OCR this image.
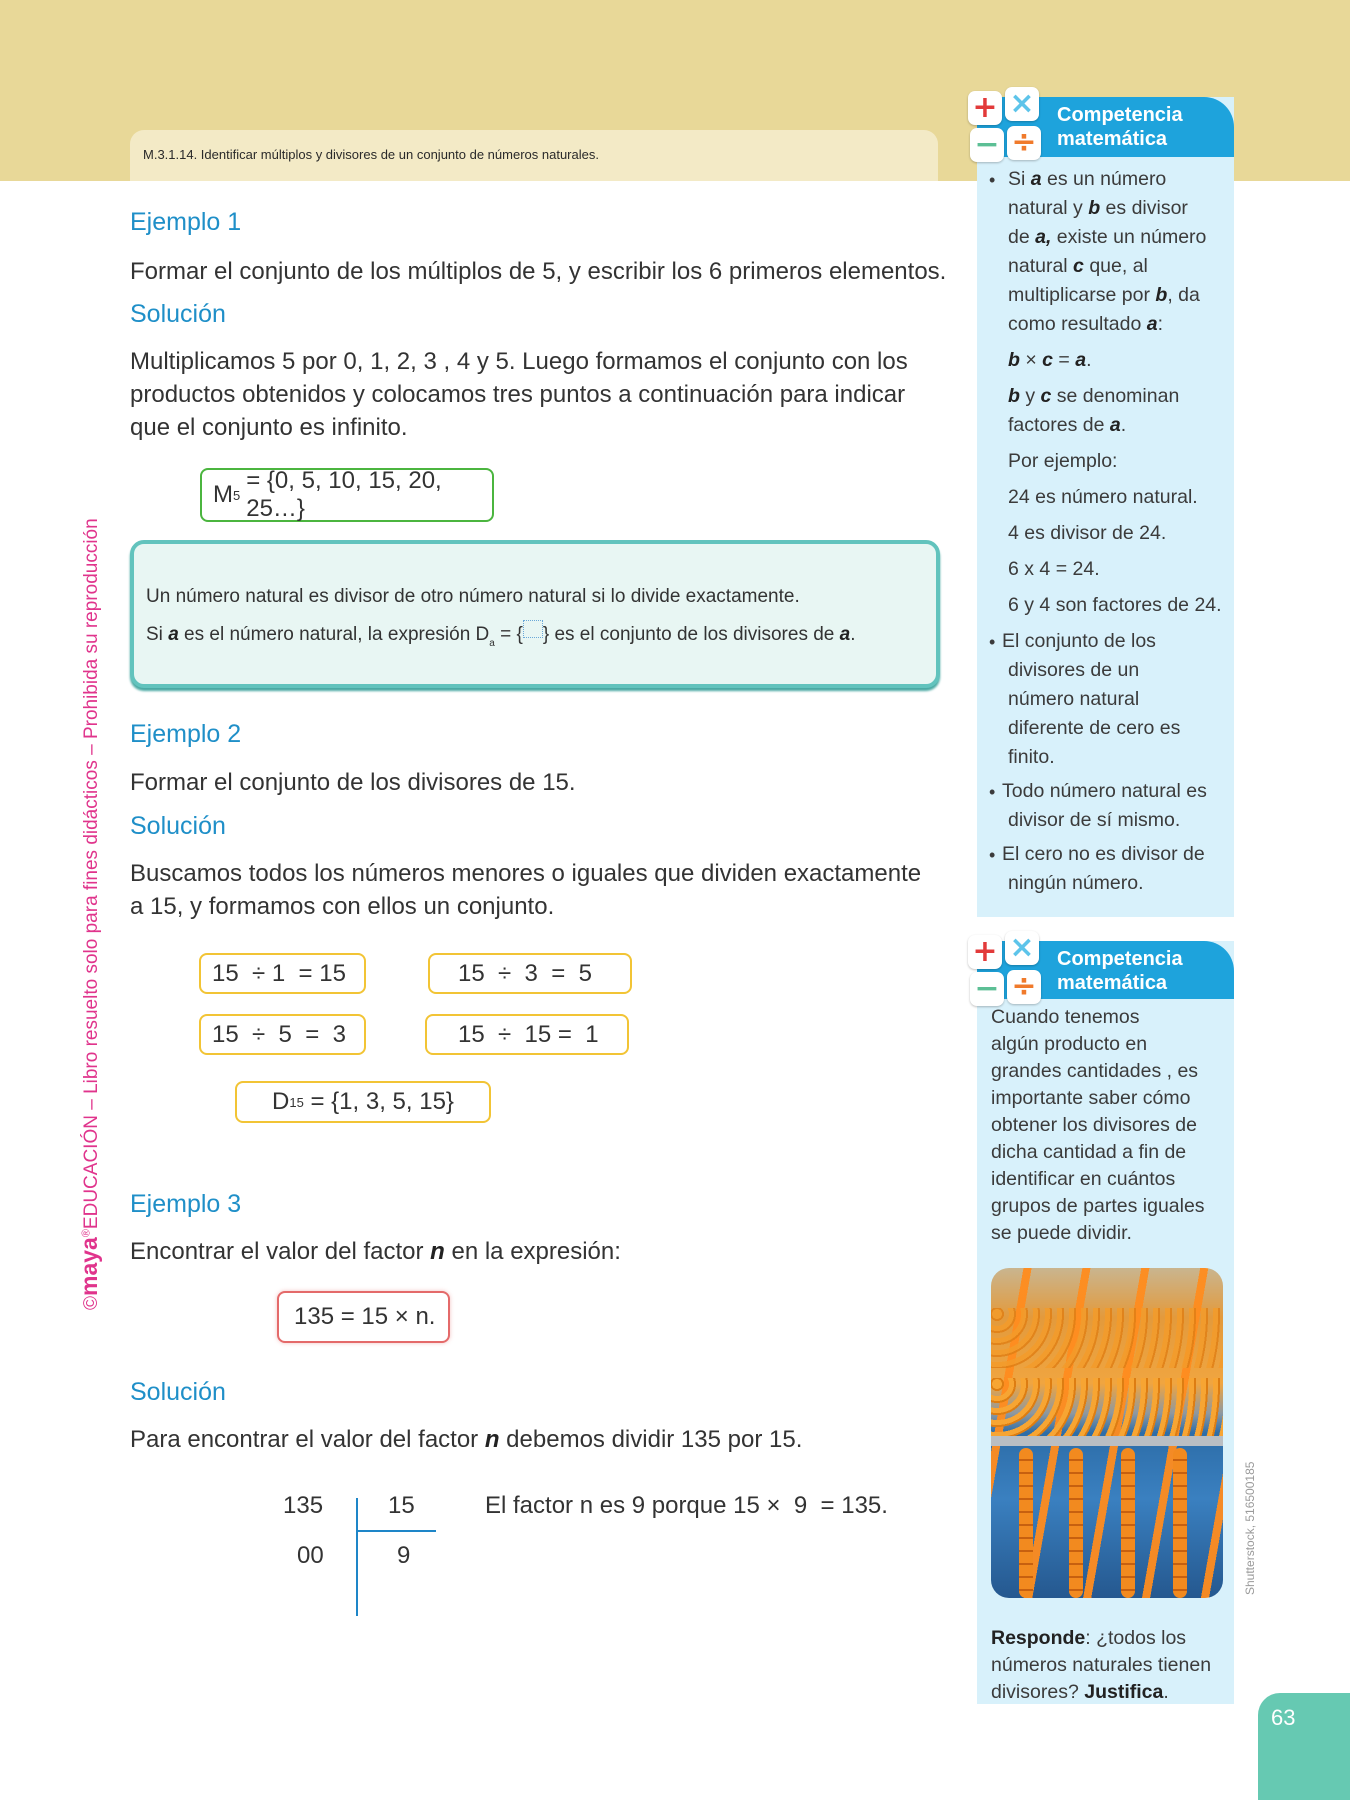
M.3.1.14. Identificar múltiplos y divisores de un conjunto de números naturales.
©maya®EDUCACIÓN – Libro resuelto solo para fines didácticos – Prohibida su reproducción
Ejemplo 1
Formar el conjunto de los múltiplos de 5, y escribir los 6 primeros elementos.
Solución
Multiplicamos 5 por 0, 1, 2, 3 , 4 y 5. Luego formamos el conjunto con los
productos obtenidos y colocamos tres puntos a continuación para indicar
que el conjunto es infinito.
M 5
= {0, 5, 10, 15, 20, 25…}
Un número natural es divisor de otro número natural si lo divide exactamente.
Si a es el número natural, la expresión $D_a$ = { } es el conjunto de los divisores de a.
Ejemplo 2
Formar el conjunto de los divisores de 15.
Solución
Buscamos todos los números menores o iguales que dividen exactamente
a 15, y formamos con ellos un conjunto.
15  ÷ 1  = 15	15  ÷  3  =  5
15  ÷  5  =  3	15  ÷  15 =  1
D 15 = {1, 3, 5, 15}
Ejemplo 3
Encontrar el valor del factor n en la expresión:
135 = 15 × n.
Solución
Para encontrar el valor del factor n debemos dividir 135 por 15.
135	15
00	9
El factor n es 9 porque 15 ×  9  = 135.
Competencia
matemática
+ ×
− ÷
• Si a es un número
natural y b es divisor
de a, existe un número
natural c que, al
multiplicarse por b, da
como resultado a:
b × c = a.
b y c se denominan
factores de a.
Por ejemplo:
24 es número natural.
4 es divisor de 24.
6 x 4 = 24.
6 y 4 son factores de 24.
• El conjunto de los
divisores de un
número natural
diferente de cero es
finito.
• Todo número natural es
divisor de sí mismo.
• El cero no es divisor de
ningún número.
Competencia
matemática
+ ×
− ÷
Cuando tenemos
algún producto en
grandes cantidades , es
importante saber cómo
obtener los divisores de
dicha cantidad a fin de
identificar en cuántos
grupos de partes iguales
se puede dividir.
Responde: ¿todos los
números naturales tienen
divisores? Justifica.
Shutterstock, 516500185
63
